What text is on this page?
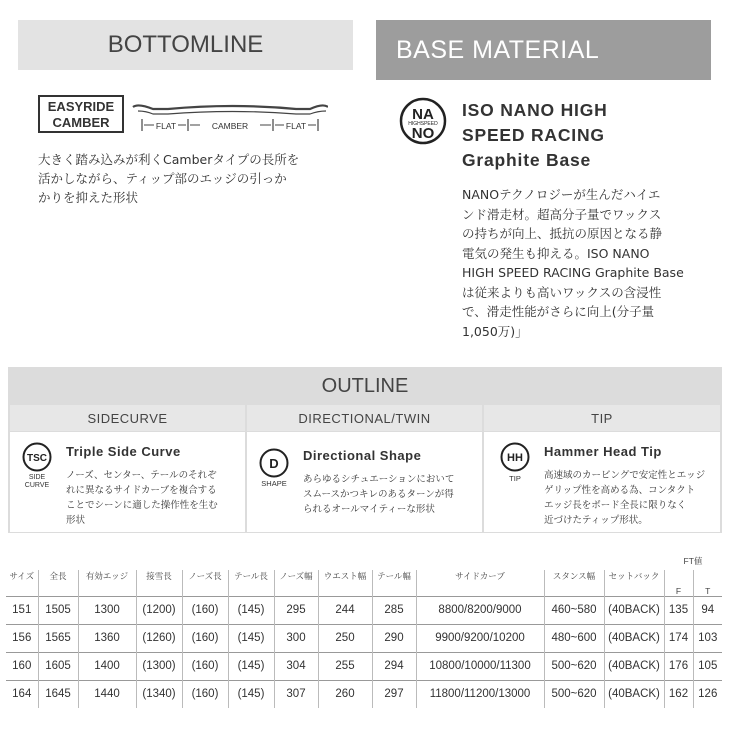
BOTTOMLINE
EASYRIDE
CAMBER	FLAT	CAMBER	FLAT
大きく踏み込みが利くCamberタイプの長所を
活かしながら、ティップ部のエッジの引っか
かりを抑えた形状
BASE MATERIAL
NA
HIGHSPEED
NO
ISO NANO HIGH
SPEED RACING
Graphite Base
NANOテクノロジーが生んだハイエ
ンド滑走材。超高分子量でワックス
の持ちが向上、抵抗の原因となる静
電気の発生も抑える。ISO NANO
HIGH SPEED RACING Graphite Base
は従来よりも高いワックスの含浸性
で、滑走性能がさらに向上(分子量
1,050万)」
OUTLINE
SIDECURVE	DIRECTIONAL/TWIN	TIP
TSC
SIDE
CURVE
Triple Side Curve
ノーズ、センター、テールのそれぞ
れに異なるサイドカーブを複合する
ことでシーンに適した操作性を生む
形状
D
SHAPE
Directional Shape
あらゆるシチュエーションにおいて
スムースかつキレのあるターンが得
られるオールマイティーな形状
HH
TIP
Hammer Head Tip
高速域のカービングで安定性とエッジ
ゲリップ性を高める為、コンタクト
エッジ長をボード全長に限りなく
近づけたティップ形状。
												FT値	
サイズ	全長	有効エッジ	接雪長	ノーズ長	テール長	ノーズ幅	ウエスト幅	テール幅	サイドカーブ	スタンス幅	セットバック	F	T
151	1505	1300	(1200)	(160)	(145)	295	244	285	8800/8200/9000	460~580	(40BACK)	135	94
156	1565	1360	(1260)	(160)	(145)	300	250	290	9900/9200/10200	480~600	(40BACK)	174	103
160	1605	1400	(1300)	(160)	(145)	304	255	294	10800/10000/11300	500~620	(40BACK)	176	105
164	1645	1440	(1340)	(160)	(145)	307	260	297	11800/11200/13000	500~620	(40BACK)	162	126
